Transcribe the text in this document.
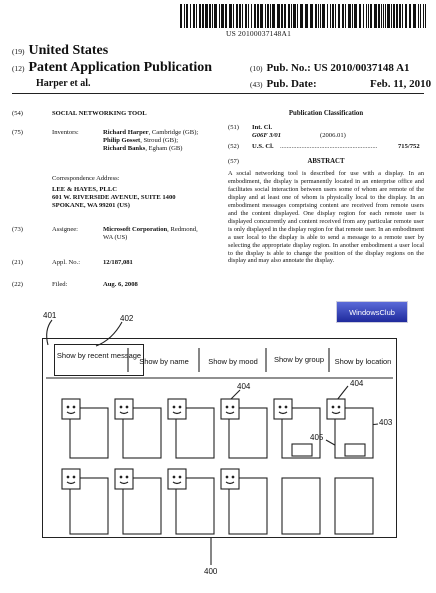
US 20100037148A1
(19) United States
(12) Patent Application Publication
Harper et al.
(10) Pub. No.: US 2010/0037148 A1
(43) Pub. Date:	Feb. 11, 2010
(54)	SOCIAL NETWORKING TOOL
(75)	Inventors:	Richard Harper, Cambridge (GB);
Philip Gosset, Stroud (GB);
Richard Banks, Egham (GB)
Correspondence Address:
LEE & HAYES, PLLC
601 W. RIVERSIDE AVENUE, SUITE 1400
SPOKANE, WA 99201 (US)
(73)	Assignee:	Microsoft Corporation, Redmond,
WA (US)
(21)	Appl. No.:	12/187,081
(22)	Filed:	Aug. 6, 2008
Publication Classification
(51) Int. Cl.
G06F 3/01	(2006.01)
(52) U.S. Cl. ...........................................................	715/752
(57)	ABSTRACT
A social networking tool is described for use with a display. In an embodiment, the display is permanently located in an enterprise office and facilitates social interaction between users some of whom are remote of the display and at least one of whom is physically local to the display. In an embodiment messages comprising content are received from remote users and the content displayed. One display region for each remote user is displayed concurrently and content received from any particular remote user is only displayed in the display region for that remote user. In an embodiment a user local to the display is able to send a message to a remote user by selecting the appropriate display region. In another embodiment a user local to the display is able to change the position of the display regions on the display and may also annotate the display.
WindowsClub
Show by recent message
Show by name	Show by mood	Show by group	Show by location
401	402
404	404
405
403
400
